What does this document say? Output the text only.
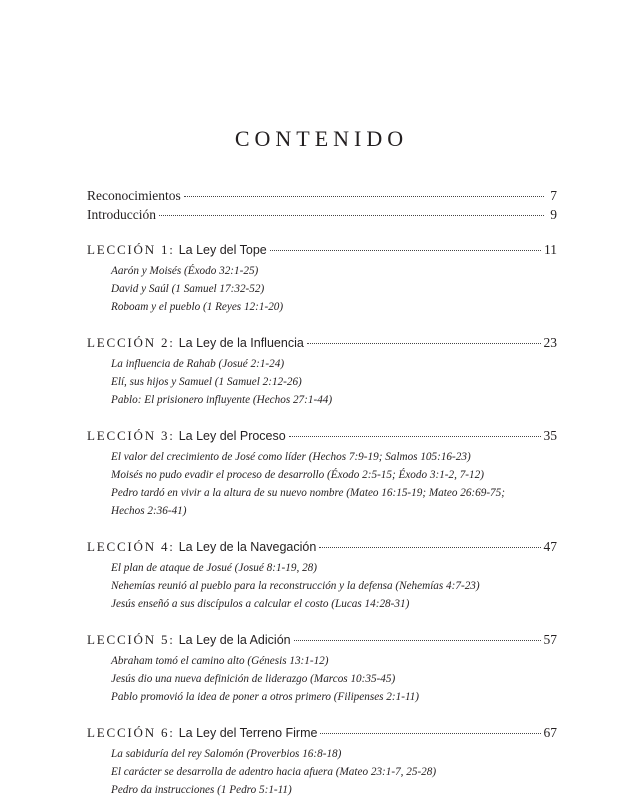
CONTENIDO
Reconocimientos	7
Introducción	9
LECCIÓN 1: La Ley del Tope	11
Aarón y Moisés (Éxodo 32:1-25)
David y Saúl (1 Samuel 17:32-52)
Roboam y el pueblo (1 Reyes 12:1-20)
LECCIÓN 2: La Ley de la Influencia	23
La influencia de Rahab (Josué 2:1-24)
Elí, sus hijos y Samuel (1 Samuel 2:12-26)
Pablo: El prisionero influyente (Hechos 27:1-44)
LECCIÓN 3: La Ley del Proceso	35
El valor del crecimiento de José como líder (Hechos 7:9-19; Salmos 105:16-23)
Moisés no pudo evadir el proceso de desarrollo (Éxodo 2:5-15; Éxodo 3:1-2, 7-12)
Pedro tardó en vivir a la altura de su nuevo nombre (Mateo 16:15-19; Mateo 26:69-75;
Hechos 2:36-41)
LECCIÓN 4: La Ley de la Navegación	47
El plan de ataque de Josué (Josué 8:1-19, 28)
Nehemías reunió al pueblo para la reconstrucción y la defensa (Nehemías 4:7-23)
Jesús enseñó a sus discípulos a calcular el costo (Lucas 14:28-31)
LECCIÓN 5: La Ley de la Adición	57
Abraham tomó el camino alto (Génesis 13:1-12)
Jesús dio una nueva definición de liderazgo (Marcos 10:35-45)
Pablo promovió la idea de poner a otros primero (Filipenses 2:1-11)
LECCIÓN 6: La Ley del Terreno Firme	67
La sabiduría del rey Salomón (Proverbios 16:8-18)
El carácter se desarrolla de adentro hacia afuera (Mateo 23:1-7, 25-28)
Pedro da instrucciones (1 Pedro 5:1-11)
